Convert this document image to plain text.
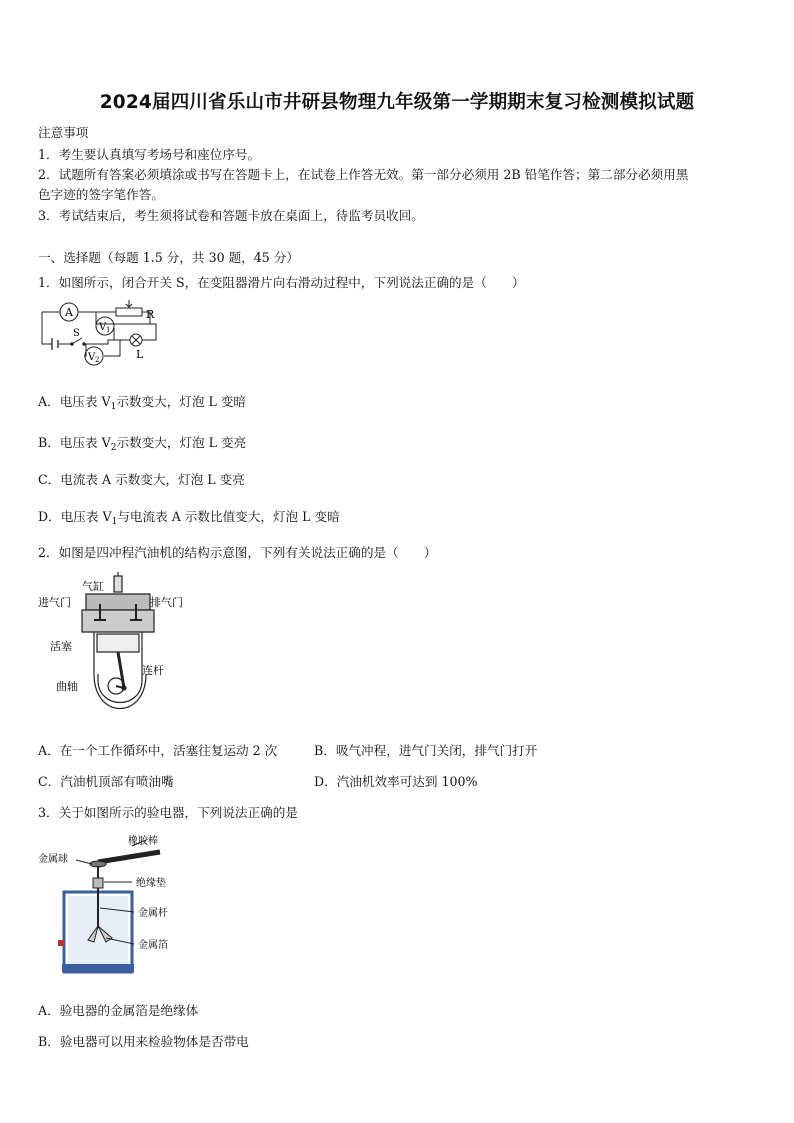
2024届四川省乐山市井研县物理九年级第一学期期末复习检测模拟试题
注意事项
1．考生要认真填写考场号和座位序号。
2．试题所有答案必须填涂或书写在答题卡上，在试卷上作答无效。第一部分必须用 2B 铅笔作答；第二部分必须用黑
色字迹的签字笔作答。
3．考试结束后，考生须将试卷和答题卡放在桌面上，待监考员收回。
一、选择题（每题 1.5 分，共 30 题，45 分）
1．如图所示，闭合开关 S，在变阻器滑片向右滑动过程中，下列说法正确的是（　　）
A
V 1
V 2
S
R
L
A．电压表 $V_1$示数变大，灯泡 L 变暗
B．电压表 $V_2$示数变大，灯泡 L 变亮
C．电流表 A 示数变大，灯泡 L 变亮
D．电压表 $V_1$与电流表 A 示数比值变大，灯泡 L 变暗
2．如图是四冲程汽油机的结构示意图，下列有关说法正确的是（　　）
气缸
进气门	排气门
活塞
连杆
曲轴
A．在一个工作循环中，活塞往复运动 2 次	B．吸气冲程，进气门关闭，排气门打开
C．汽油机顶部有喷油嘴	D．汽油机效率可达到 100%
3．关于如图所示的验电器，下列说法正确的是
橡胶棒
金属球
绝缘垫
金属杆
金属箔
A．验电器的金属箔是绝缘体
B．验电器可以用来检验物体是否带电
